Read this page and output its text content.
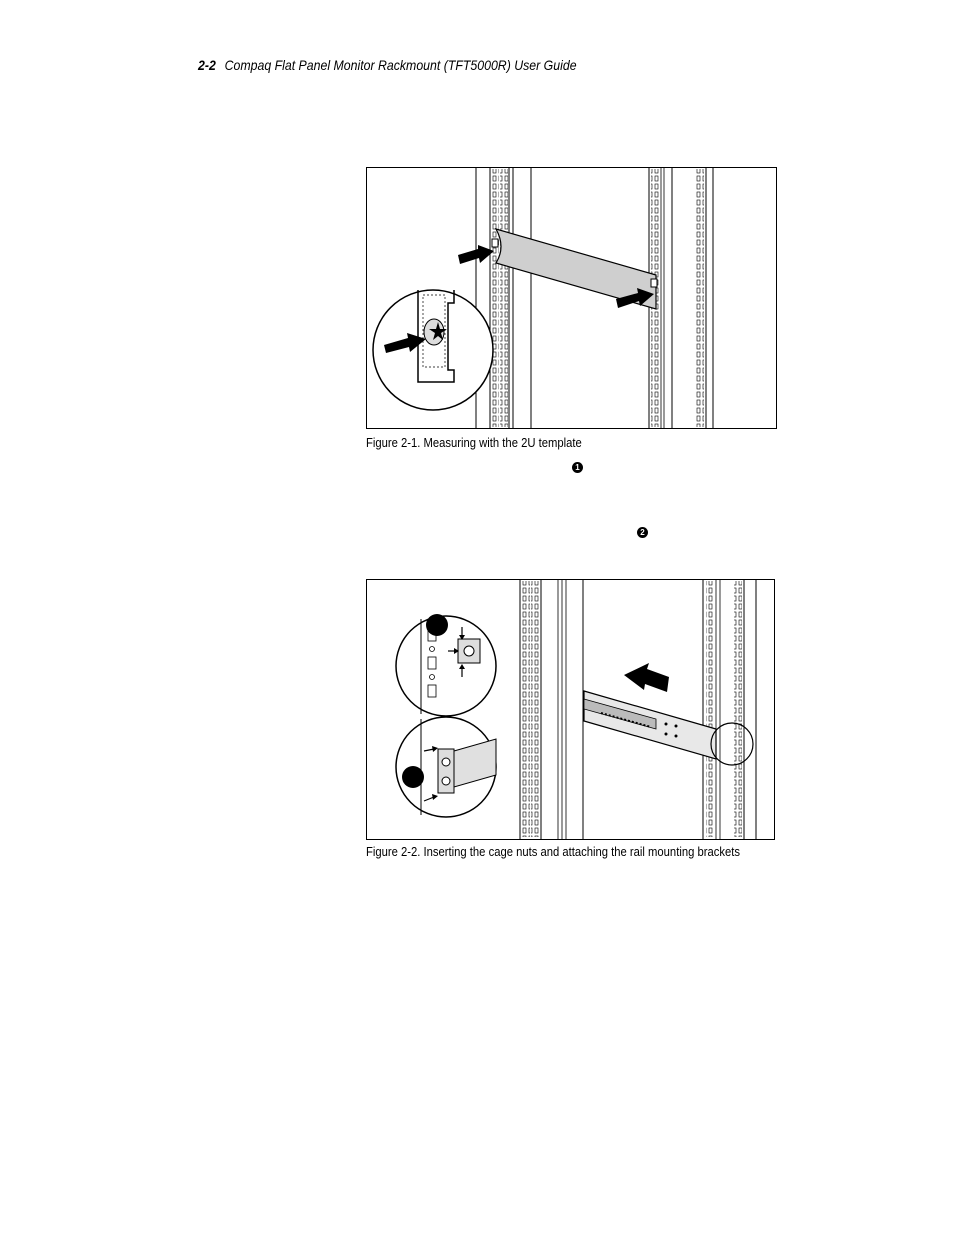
2-2 Compaq Flat Panel Monitor Rackmount (TFT5000R) User Guide
Figure 2-1. Measuring with the 2U template
1
2
Figure 2-2. Inserting the cage nuts and attaching the rail mounting brackets
